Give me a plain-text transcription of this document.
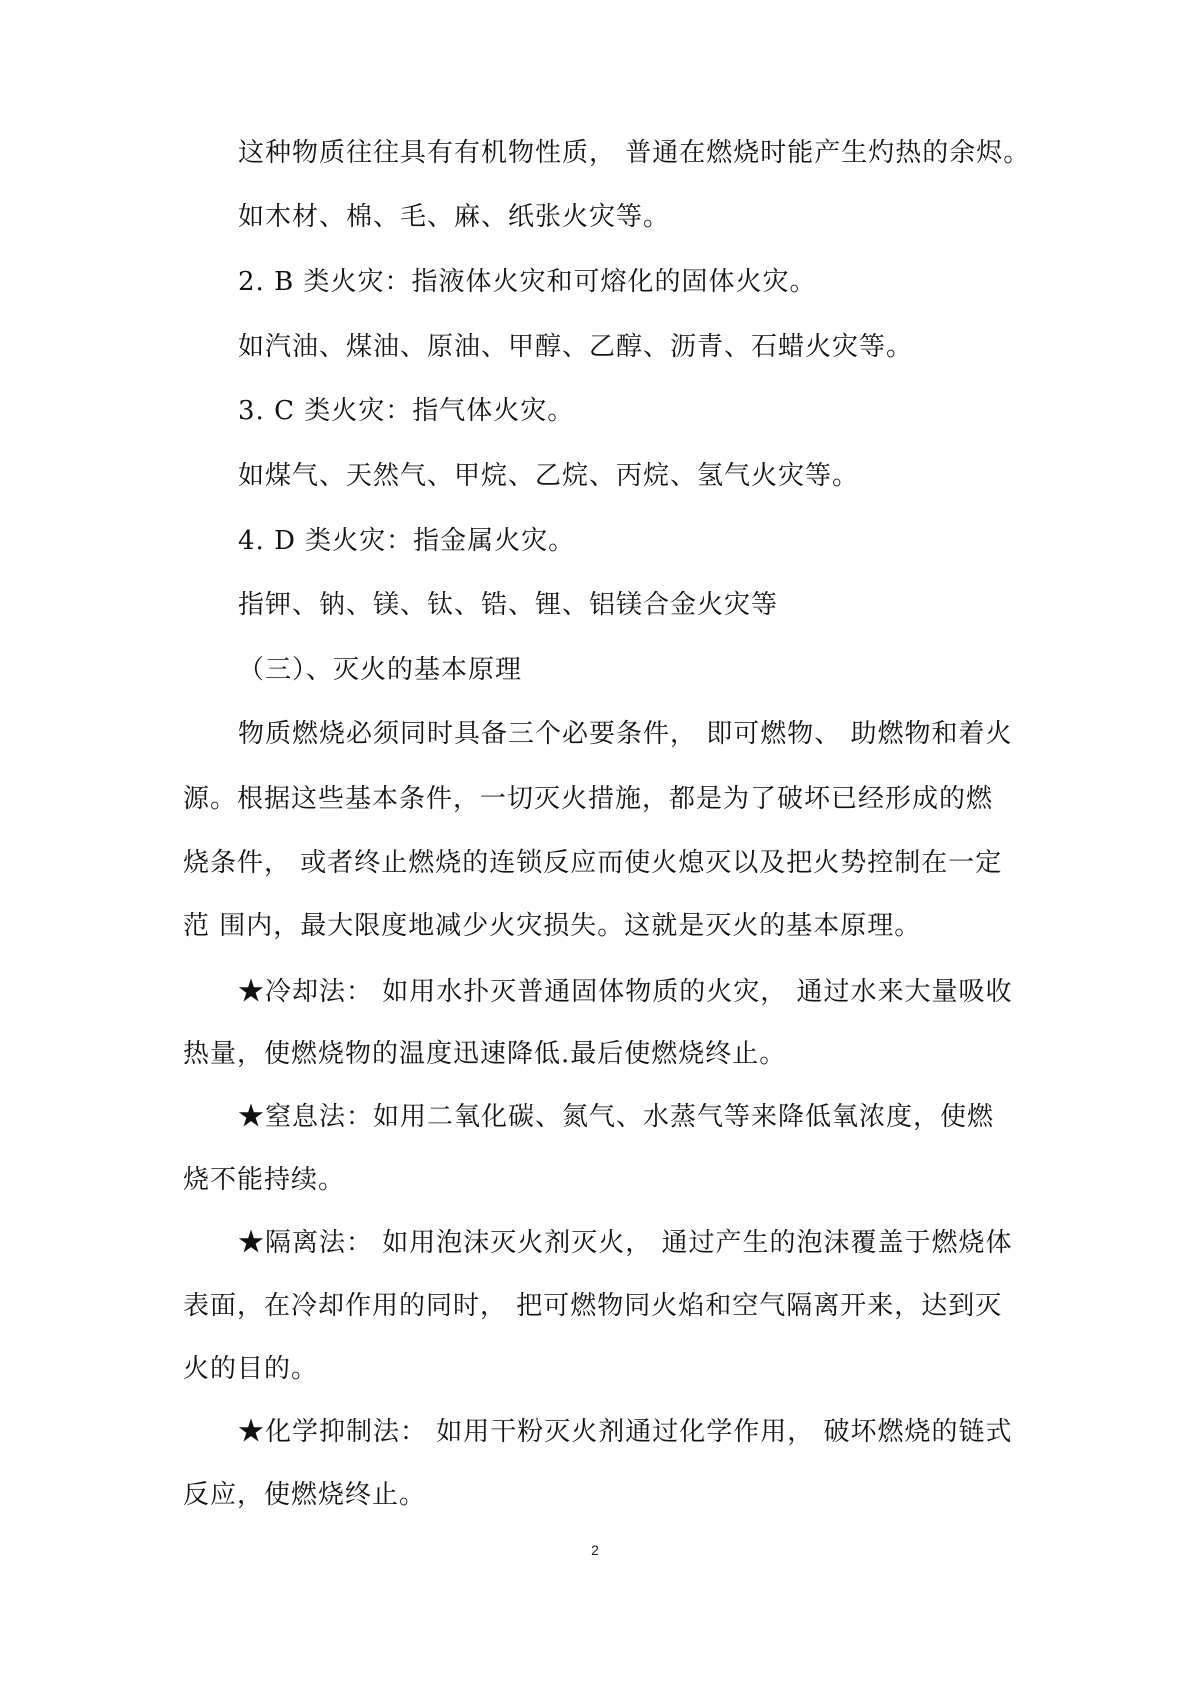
这种物质往往具有有机物性质， 普通在燃烧时能产生灼热的余烬。
如木材、棉、毛、麻、纸张火灾等。
2. B 类火灾：指液体火灾和可熔化的固体火灾。
如汽油、煤油、原油、甲醇、乙醇、沥青、石蜡火灾等。
3. C 类火灾：指气体火灾。
如煤气、天然气、甲烷、乙烷、丙烷、氢气火灾等。
4. D 类火灾：指金属火灾。
指钾、钠、镁、钛、锆、锂、铝镁合金火灾等
（三）、灭火的基本原理
物质燃烧必须同时具备三个必要条件， 即可燃物、 助燃物和着火
源。根据这些基本条件，一切灭火措施，都是为了破坏已经形成的燃
烧条件， 或者终止燃烧的连锁反应而使火熄灭以及把火势控制在一定
范 围内，最大限度地减少火灾损失。这就是灭火的基本原理。
★冷却法： 如用水扑灭普通固体物质的火灾， 通过水来大量吸收
热量，使燃烧物的温度迅速降低.最后使燃烧终止。
★窒息法：如用二氧化碳、氮气、水蒸气等来降低氧浓度，使燃
烧不能持续。
★隔离法： 如用泡沫灭火剂灭火， 通过产生的泡沫覆盖于燃烧体
表面，在冷却作用的同时， 把可燃物同火焰和空气隔离开来，达到灭
火的目的。
★化学抑制法： 如用干粉灭火剂通过化学作用， 破坏燃烧的链式
反应，使燃烧终止。
2
